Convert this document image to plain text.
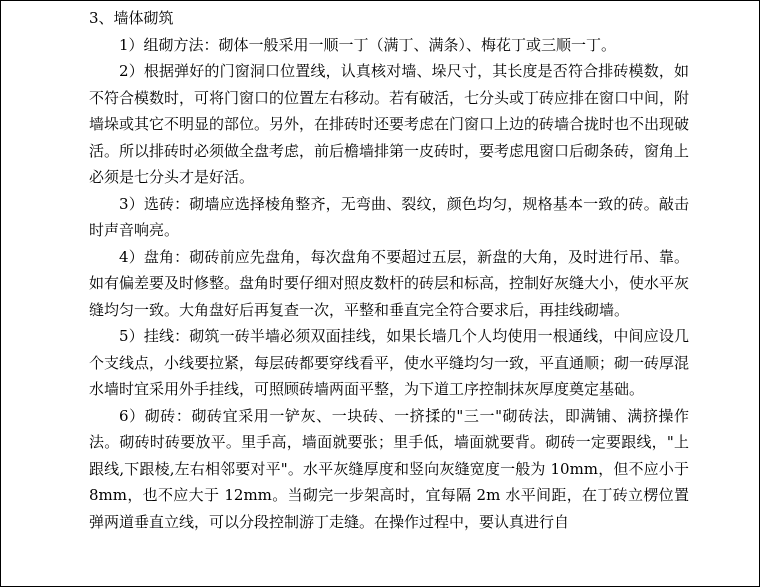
3、墙体砌筑

1）组砌方法：砌体一般采用一顺一丁（满丁、满条）、梅花丁或三顺一丁。

2）根据弹好的门窗洞口位置线，认真核对墙、垛尺寸，其长度是否符合排砖模数，如不符合模数时，可将门窗口的位置左右移动。若有破活，七分头或丁砖应排在窗口中间，附墙垛或其它不明显的部位。另外，在排砖时还要考虑在门窗口上边的砖墙合拢时也不出现破活。所以排砖时必须做全盘考虑，前后檐墙排第一皮砖时，要考虑甩窗口后砌条砖，窗角上必须是七分头才是好活。

3）选砖：砌墙应选择棱角整齐，无弯曲、裂纹，颜色均匀，规格基本一致的砖。敲击时声音响亮。

4）盘角：砌砖前应先盘角，每次盘角不要超过五层，新盘的大角，及时进行吊、靠。如有偏差要及时修整。盘角时要仔细对照皮数杆的砖层和标高，控制好灰缝大小，使水平灰缝均匀一致。大角盘好后再复查一次，平整和垂直完全符合要求后，再挂线砌墙。

5）挂线：砌筑一砖半墙必须双面挂线，如果长墙几个人均使用一根通线，中间应设几个支线点，小线要拉紧，每层砖都要穿线看平，使水平缝均匀一致，平直通顺；砌一砖厚混水墙时宜采用外手挂线，可照顾砖墙两面平整，为下道工序控制抹灰厚度奠定基础。

6）砌砖：砌砖宜采用一铲灰、一块砖、一挤揉的"三一"砌砖法，即满铺、满挤操作法。砌砖时砖要放平。里手高，墙面就要张；里手低，墙面就要背。砌砖一定要跟线，"上跟线,下跟棱,左右相邻要对平"。水平灰缝厚度和竖向灰缝宽度一般为 10mm，但不应小于 8mm，也不应大于 12mm。当砌完一步架高时，宜每隔 2m 水平间距，在丁砖立楞位置弹两道垂直立线，可以分段控制游丁走缝。在操作过程中，要认真进行自
